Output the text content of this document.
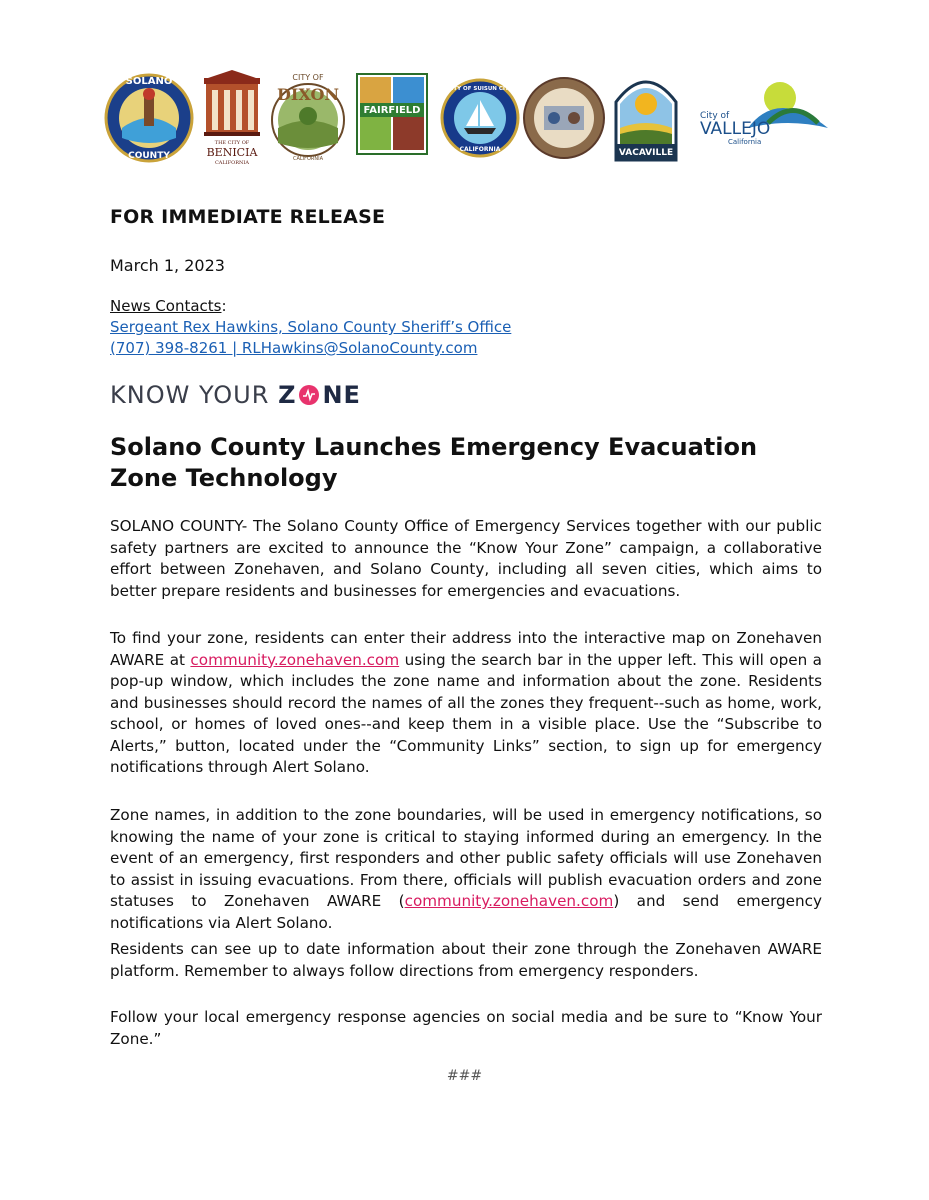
SOLANO
COUNTY
THE CITY OF
BENICIA
CALIFORNIA
CITY OF
DIXON
CALIFORNIA
FAIRFIELD
CITY OF SUISUN CITY
CALIFORNIA	VACAVILLE
City of
VALLEJO
California
FOR IMMEDIATE RELEASE
March 1, 2023
News Contacts:
Sergeant Rex Hawkins, Solano County Sheriff’s Office
(707) 398-8261 | RLHawkins@SolanoCounty.com
KNOW YOUR Z NE
Solano County Launches Emergency Evacuation Zone Technology
SOLANO COUNTY- The Solano County Office of Emergency Services together with our public safety partners are excited to announce the “Know Your Zone” campaign, a collaborative effort between Zonehaven, and Solano County, including all seven cities, which aims to better prepare residents and businesses for emergencies and evacuations.
To find your zone, residents can enter their address into the interactive map on Zonehaven AWARE at community.zonehaven.com using the search bar in the upper left. This will open a pop-up window, which includes the zone name and information about the zone. Residents and businesses should record the names of all the zones they frequent--such as home, work, school, or homes of loved ones--and keep them in a visible place. Use the “Subscribe to Alerts,” button, located under the “Community Links” section, to sign up for emergency notifications through Alert Solano.
Zone names, in addition to the zone boundaries, will be used in emergency notifications, so knowing the name of your zone is critical to staying informed during an emergency. In the event of an emergency, first responders and other public safety officials will use Zonehaven to assist in issuing evacuations. From there, officials will publish evacuation orders and zone statuses to Zonehaven AWARE (community.zonehaven.com) and send emergency notifications via Alert Solano.
Residents can see up to date information about their zone through the Zonehaven AWARE platform. Remember to always follow directions from emergency responders.
Follow your local emergency response agencies on social media and be sure to “Know Your Zone.”
###
